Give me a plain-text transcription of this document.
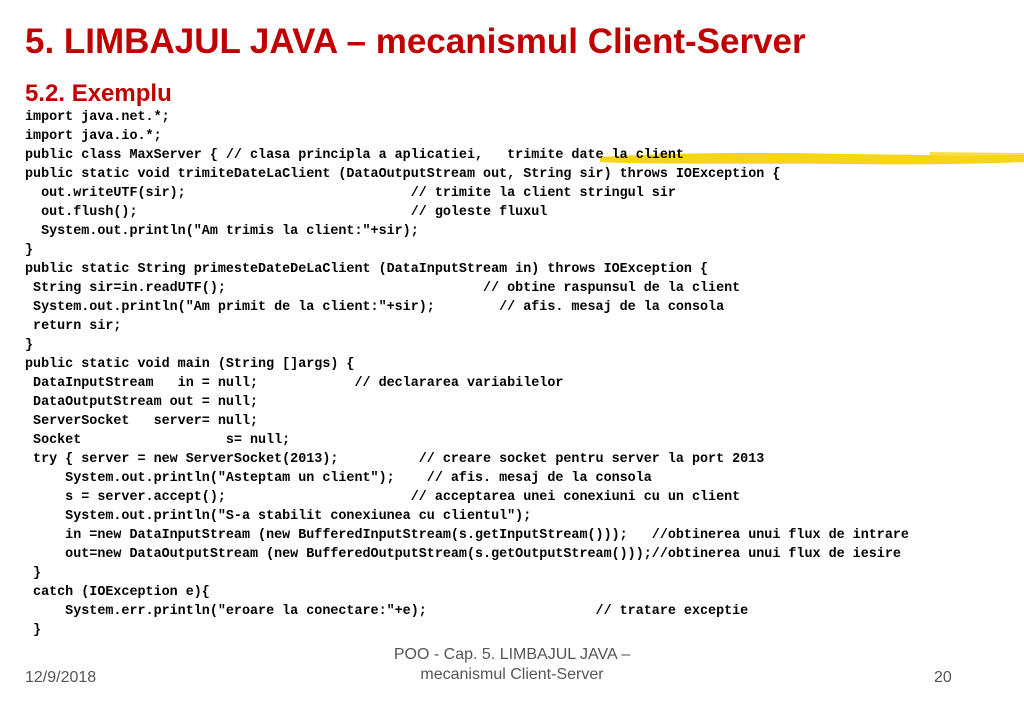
5. LIMBAJUL JAVA – mecanismul Client-Server
5.2. Exemplu
import java.net.*;
import java.io.*;
public class MaxServer { // clasa principla a aplicatiei,   trimite date la client
public static void trimiteDateLaClient (DataOutputStream out, String sir) throws IOException {
out.writeUTF(sir);                            // trimite la client stringul sir
out.flush();                                  // goleste fluxul
System.out.println("Am trimis la client:"+sir);
}
public static String primesteDateDeLaClient (DataInputStream in) throws IOException {
String sir=in.readUTF();                                // obtine raspunsul de la client
System.out.println("Am primit de la client:"+sir);        // afis. mesaj de la consola
return sir;
}
public static void main (String []args) {
DataInputStream   in = null;            // declararea variabilelor
DataOutputStream out = null;
ServerSocket   server= null;
Socket                  s= null;
try { server = new ServerSocket(2013);          // creare socket pentru server la port 2013
System.out.println("Asteptam un client");    // afis. mesaj de la consola
s = server.accept();                       // acceptarea unei conexiuni cu un client
System.out.println("S-a stabilit conexiunea cu clientul");
in =new DataInputStream (new BufferedInputStream(s.getInputStream()));   //obtinerea unui flux de intrare
out=new DataOutputStream (new BufferedOutputStream(s.getOutputStream()));//obtinerea unui flux de iesire
}
catch (IOException e){
System.err.println("eroare la conectare:"+e);                     // tratare exceptie
}
12/9/2018
POO - Cap. 5. LIMBAJUL JAVA –
mecanismul Client-Server	20
